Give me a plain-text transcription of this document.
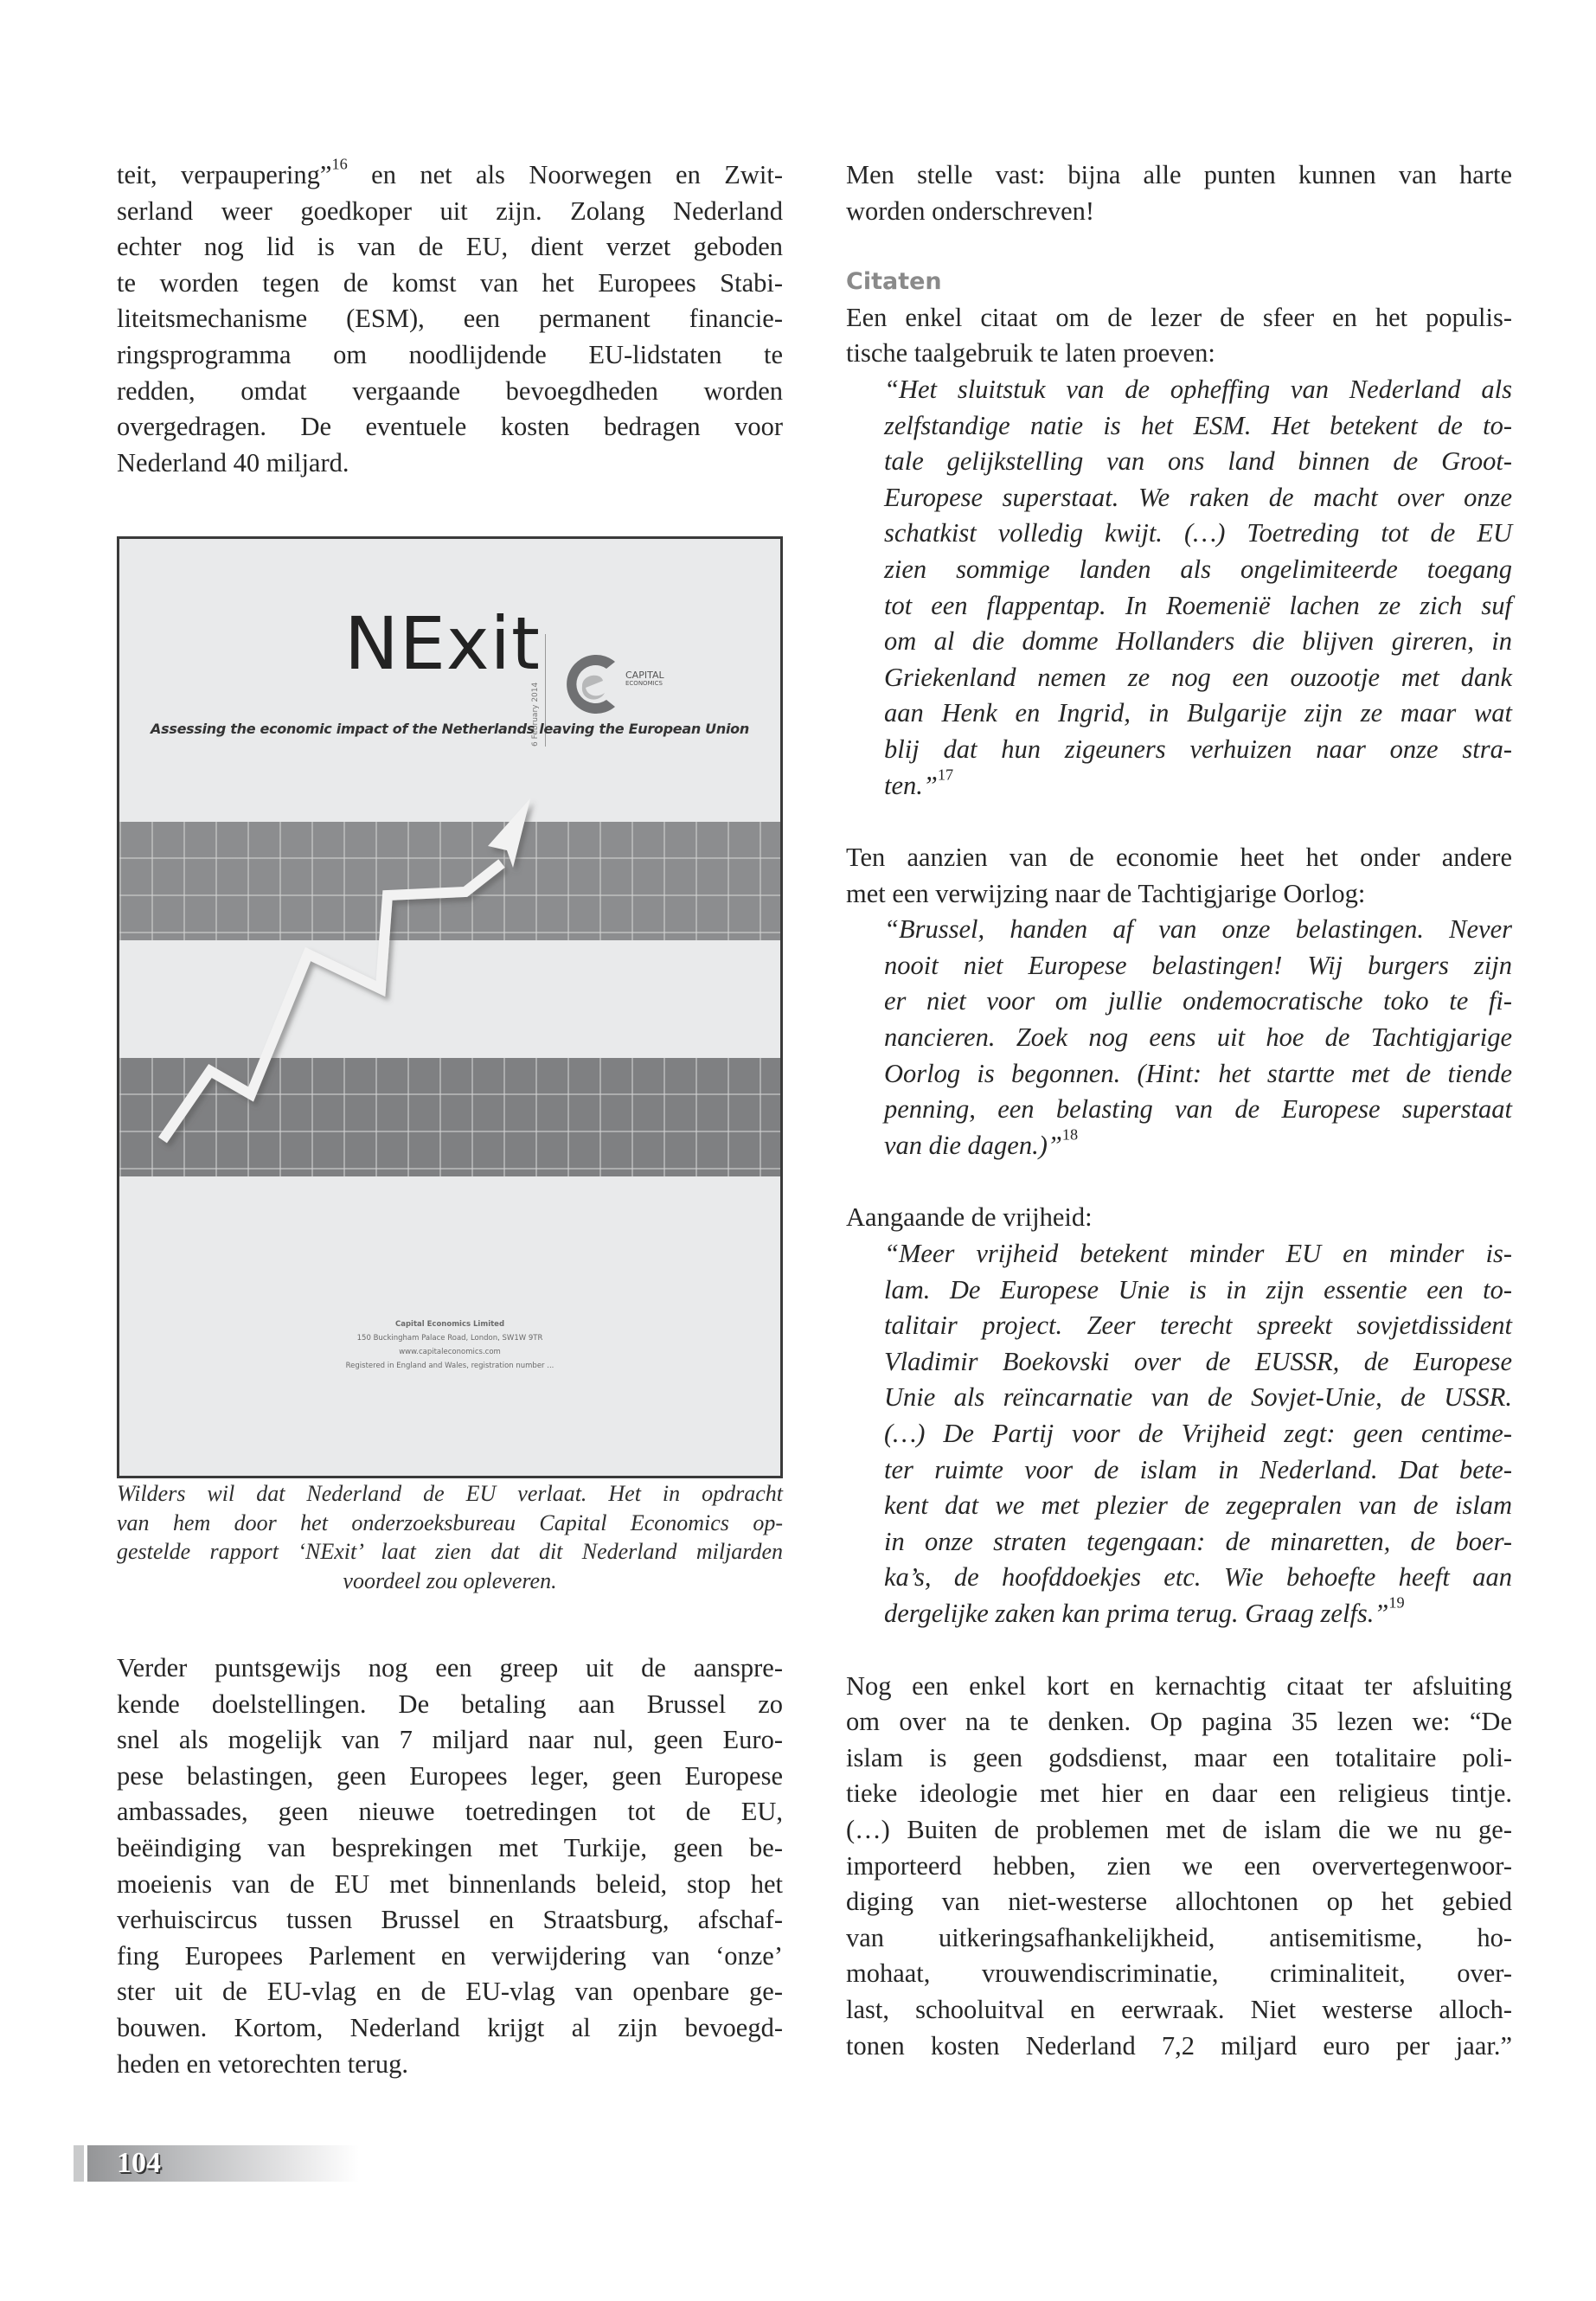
teit, verpaupering”$^{16}$ en net als Noorwegen en Zwit-
serland weer goedkoper uit zijn. Zolang Nederland
echter nog lid is van de EU, dient verzet geboden
te worden tegen de komst van het Europees Stabi-
liteitsmechanisme (ESM), een permanent financie-
ringsprogramma om noodlijdende EU-lidstaten te
redden, omdat vergaande bevoegdheden worden
overgedragen. De eventuele kosten bedragen voor
Nederland 40 miljard.

NExit
6 February 2014
CAPITAL
ECONOMICS
Assessing the economic impact of the Netherlands leaving the European Union
Capital Economics Limited
150 Buckingham Palace Road, London, SW1W 9TR
www.capitaleconomics.com
Registered in England and Wales, registration number ...
Wilders wil dat Nederland de EU verlaat. Het in opdracht
van hem door het onderzoeksbureau Capital Economics op-
gestelde rapport ‘NExit’ laat zien dat dit Nederland miljarden
voordeel zou opleveren.

Verder puntsgewijs nog een greep uit de aanspre-
kende doelstellingen. De betaling aan Brussel zo
snel als mogelijk van 7 miljard naar nul, geen Euro-
pese belastingen, geen Europees leger, geen Europese
ambassades, geen nieuwe toetredingen tot de EU,
beëindiging van besprekingen met Turkije, geen be-
moeienis van de EU met binnenlands beleid, stop het
verhuiscircus tussen Brussel en Straatsburg, afschaf-
fing Europees Parlement en verwijdering van ‘onze’
ster uit de EU-vlag en de EU-vlag van openbare ge-
bouwen. Kortom, Nederland krijgt al zijn bevoegd-
heden en vetorechten terug.

Men stelle vast: bijna alle punten kunnen van harte
worden onderschreven!

Citaten

Een enkel citaat om de lezer de sfeer en het populis-
tische taalgebruik te laten proeven:

“Het sluitstuk van de opheffing van Nederland als
zelfstandige natie is het ESM. Het betekent de to-
tale gelijkstelling van ons land binnen de Groot-
Europese superstaat. We raken de macht over onze
schatkist volledig kwijt. (…) Toetreding tot de EU
zien sommige landen als ongelimiteerde toegang
tot een flappentap. In Roemenië lachen ze zich suf
om al die domme Hollanders die blijven gireren, in
Griekenland nemen ze nog een ouzootje met dank
aan Henk en Ingrid, in Bulgarije zijn ze maar wat
blij dat hun zigeuners verhuizen naar onze stra-
ten.”$^{17}$

Ten aanzien van de economie heet het onder andere
met een verwijzing naar de Tachtigjarige Oorlog:

“Brussel, handen af van onze belastingen. Never
nooit niet Europese belastingen! Wij burgers zijn
er niet voor om jullie ondemocratische toko te fi-
nancieren. Zoek nog eens uit hoe de Tachtigjarige
Oorlog is begonnen. (Hint: het startte met de tiende
penning, een belasting van de Europese superstaat
van die dagen.)”$^{18}$

Aangaande de vrijheid:

“Meer vrijheid betekent minder EU en minder is-
lam. De Europese Unie is in zijn essentie een to-
talitair project. Zeer terecht spreekt sovjetdissident
Vladimir Boekovski over de EUSSR, de Europese
Unie als reïncarnatie van de Sovjet-Unie, de USSR.
(…) De Partij voor de Vrijheid zegt: geen centime-
ter ruimte voor de islam in Nederland. Dat bete-
kent dat we met plezier de zegepralen van de islam
in onze straten tegengaan: de minaretten, de boer-
ka’s, de hoofddoekjes etc. Wie behoefte heeft aan
dergelijke zaken kan prima terug. Graag zelfs.”$^{19}$

Nog een enkel kort en kernachtig citaat ter afsluiting
om over na te denken. Op pagina 35 lezen we: “De
islam is geen godsdienst, maar een totalitaire poli-
tieke ideologie met hier en daar een religieus tintje.
(…) Buiten de problemen met de islam die we nu ge-
importeerd hebben, zien we een oververtegenwoor-
diging van niet-westerse allochtonen op het gebied
van uitkeringsafhankelijkheid, antisemitisme, ho-
mohaat, vrouwendiscriminatie, criminaliteit, over-
last, schooluitval en eerwraak. Niet westerse alloch-
tonen kosten Nederland 7,2 miljard euro per jaar.”

104
